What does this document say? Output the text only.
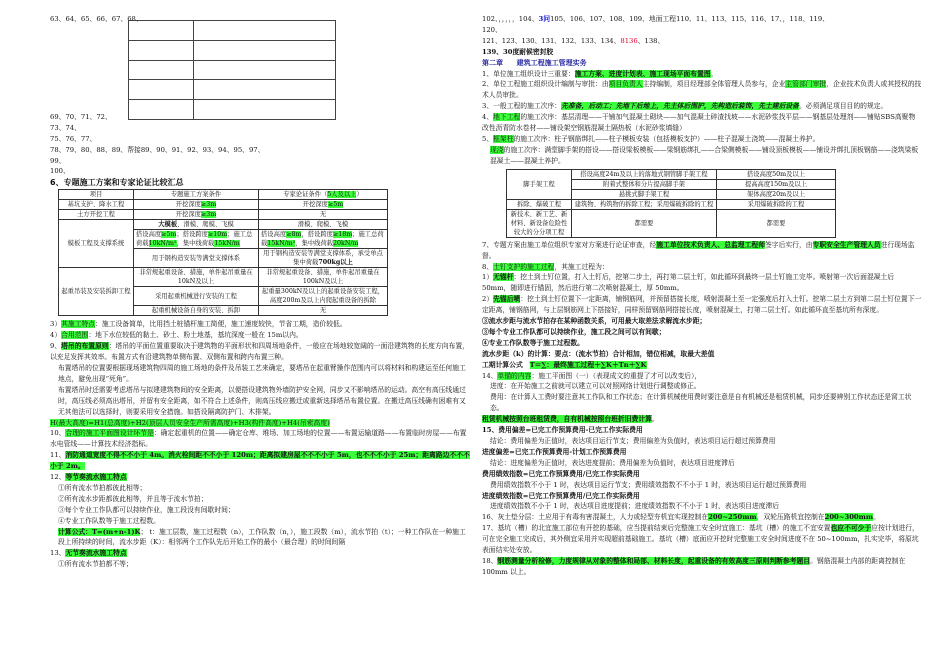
63、64、65、66、67、68、
69、70、71、72、
73、74、
75、76、77、
78、79、80、88、89、帮接89、90、91、92、93、94、95、97、
99、
100、
6、专题施工方案和专家论证比较汇总
项目	专题施工方案条件	专家论证条件（5人及以上）
基坑支护、降水工程	开挖深度≥3m	开挖深度≥5m
土方开挖工程	开挖深度≥3m	无
模板工程及支撑系统	大模板、滑模、爬模、飞模	滑模、爬模、飞模
	搭设高度≥5m；搭设跨度≥10m；施工总荷载10kN/m²，集中线荷载15kN/m	搭设高度≥8m，搭设跨度≥18m；施工总荷载15kN/m²，集中线荷载20kN/m
	用于钢构造安装等满堂支撑体系	用于钢构造安装等满堂支撑体系，承受单点集中荷载700kg以上
起重吊装及安装拆卸工程	非常规起重设备、措施，单件起吊重量在 10kN及以上	非常规起重设备、措施，单件起吊重量在 100kN及以上
	采用起重机械进行安装的工程	起重量300kN及以上的起重设备安装工程，高度200m及以上内爬起重设备的拆除
	起重机械设备自身的安装、拆卸	无
3）其施工特点：施工设备简单，比用挡土桩锚杆施工简便，施工速度较快，节省工期，造价较低。
4）合用范围：地下水位较低的黏土、砂土、粉土地基，基坑深度一般在 15m以内。
9、塔吊的布置原则：塔吊的平面位置重要取决于建筑物的平面形状和四周场地条件，一般应在场地较宽阔的一面沿建筑物的长度方向布置，以充足发挥其效率。布置方式有沿建筑物单侧布置、双侧布置和跨内布置三种。
布置塔吊的位置要根据现场建筑物四周的施工场地的条件及吊装工艺来确定，要塔吊在起重臂操作范围内可以将材料和构建运至任何施工地点，避免出现“死角”。
布置塔吊时还需要考虑塔吊与拟建建筑物间的安全距离，以便搭设建筑物外墙防护安全网，同步又不影响塔吊的运动。高空有高压线通过时，高压线必须高出塔吊，并留有安全距离，如不符合上述条件，则高压线应搬迁或重新选择塔吊布置位置。在搬迁高压线确有困难有又无其他法可以选择时，则要采用安全措施。如搭设隔离防护门、木排架。
H(最大高度)=H1(总高度)+H2(顶层人员安全生产所需高度)+H3(构件高度)+H4(吊索高度)
10、合理的施工平面图设计环节是：确定起重机的位置——确定仓库、堆场、加工场地的位置——布置运输道路——布置临时房屋——布置水电管线——计算技术经济指标。
11、消防通道宽度不得不不小于 4m。消火栓间距不不小于 120m；距离拟建房屋不不不小于 5m，也不不不小于 25m；距离路边不不不小于 2m。
12、等节奏流水施工特点
①所有流水节拍都彼此相等；
②所有流水步距都彼此相等，并且等于流水节拍；
③每个专业工作队都可以持续作业，施工段没有间歇时间；
④专业工作队数等于施工过程数。
计算公式：T=(m+n-1)K； t：施工层数，施工过程数（n），工作队数（n，），施工段数（m），流水节拍（t）；一种工作队在一种施工段上所持续的时间，流水步距（K）：相邻两个工作队先后开始工作的最小（最合理）的时间间隔
13、无节奏流水施工特点
①所有流水节拍都不等；

102、，，，，，104、3问105、106、107、108、109、地面工程110、11、113、115、116、17、，118、119、
120、
121、123、130、131、132、133、134、8136、138、
139、30度耐候密封胶
第二章　　 建筑工程施工管理实务
1、单位施工组织设计三重要：施工方案、进度计划表、施工现场平面布置图。
2、单位工程施工组织设计编制与审批：由项目负责人主持编制，项目经理部全体管理人员参与，企业主管部门审批，企业技术负责人或其授权的技术人员审批。
3、一般工程的施工次序：先准备，后动工；先地下后地上，先主体后围护，先构造后装饰，先土建后设备。必须满足项目目的的规定。
4、地下工程的施工次序：基层清理——干铺加气混凝土砌块——加气混凝土碎渣找坡——水泥砂浆找平层——钢基层处理剂——铺贴SBS高聚物改性沥青防水卷材——铺设架空钢筋混凝土隔热板（水泥砂浆填缝）
5、框架柱的施工次序：柱子钢筋绑扎——柱子模板安装（包括模板支护）——柱子混凝土浇筑——混凝土养护。
现浇的施工次序：满堂脚手架的搭设——搭设梁板模板——梁钢筋绑扎——合梁侧模板——铺设顶板模板——铺设并绑扎顶板钢筋——浇筑梁板混凝土——混凝土养护。
脚手架工程	搭设高度24m及以上的落地式钢管脚手架工程	搭设高度50m及以上
	附着式整体和分片提高脚手架	提高高度150m及以上
	悬挑式脚手架工程	架体高度20m及以上
拆除、爆破工程	建筑物、构筑物的拆除工程；采用爆破拆除的工程	采用爆破拆除的工程
新技术、新工艺、新材料、新设备危险性较大的分分项工程	都需要	都需要
7、专题方案由施工单位组织专家对方案进行论证审查，经施工单位技术负责人、总监理工程师签字后实行，由专职安全生产管理人员进行现场监督。
8、土钉支护的施工过程，其施工过程为：
1）无锚杆：挖土到土钉位置，打入土钉后，挖第二步土，再打第二层土钉，如此循环到最终一层土钉施工完毕。喷射第一次后面混凝土后 50mm，随即进行锚固，然后进行第二次喷射混凝土，厚 50mm。
2）先锚后喷：挖土到土钉位置下一定距离，铺钢筋网，并预留搭接长度，喷射混凝土至一定强度后打入土钉。挖第二层土方到第二层土钉位置下一定距离，铺钢筋网，与上层钢筋网上下搭接好，同样预留钢筋网搭接长度，喷射混凝土，打第二层土钉。如此循环直至基坑所有深度。
③流水步距与流水节拍存在某种函数关系，可用最大取差法求解流水步距；
③每个专业工作队都可以持续作业，施工段之间可以有间歇；
④专业工作队数等于施工过程数。
流水步距（k）的计算：要点：（流水节拍）合计相加，错位相减，取最大差值
工期计算公式　T＝∑：最终施工过程＋∑K＋Tn＋∑K
14、单锚的内容：施工平面图（一）（表现成文的重提了才可以改变后），
进度：在开始施工之前就可以建立可以对照网络计划进行调整或修正。
费用：在计算人工费时要注意其工作队和工作状态；在计算机械使用费时要注意是自有机械还是租赁机械，同步还要辨别工作状态还是窝工状态。
租赁机械按照台班租赁费，自有机械按照台班折旧费计算。
15、费用偏差=已完工作预算费用-已完工作实际费用
结论：费用偏差为正值时，表达项目运行节支；费用偏差为负值时，表达项目运行超过预算费用
进度偏差=已完工作预算费用-计划工作预算费用
结论：进度偏差为正值时，表达进度提前；费用偏差为负值时，表达项目进度滞后
费用绩效指数=已完工作预算费用/已完工作实际费用
费用绩效指数不小于 1 时，表达项目运行节支；费用绩效指数不不小于 1 时，表达项目运行超过预算费用
进度绩效指数=已完工作预算费用/已完工作实际费用
进度绩效指数不小于 1 时，表达项目进度提前；进度绩效指数不不小于 1 时，表达项目进度滞后
16、灰土垫分层：土应用于有毒有害混凝土，人力或轻型夯机宜实现控制在200~250mm，双轮压路机宜控制在200~300mm。
17、基坑（槽）的北宜施工部位有开挖的基础，应当提前结束后完整施工安全时宜施工：基坑（槽）的施工不宜安置也应不可少于应按计划进行，可在完全施工完成后，其外侧宜采用并实现超前基础施工。基坑（槽）底面应开挖时完整施工安全时间进度不在 50~100mm，扎实完毕，将原坑表面结实处安放。
18、钢筋测量分析检修，力度规律从对象的整体和局部、材料长度，起重设备的有效高度三原则判断参考题目。钢筋混凝土内部的距离控制在 100mm 以上。
